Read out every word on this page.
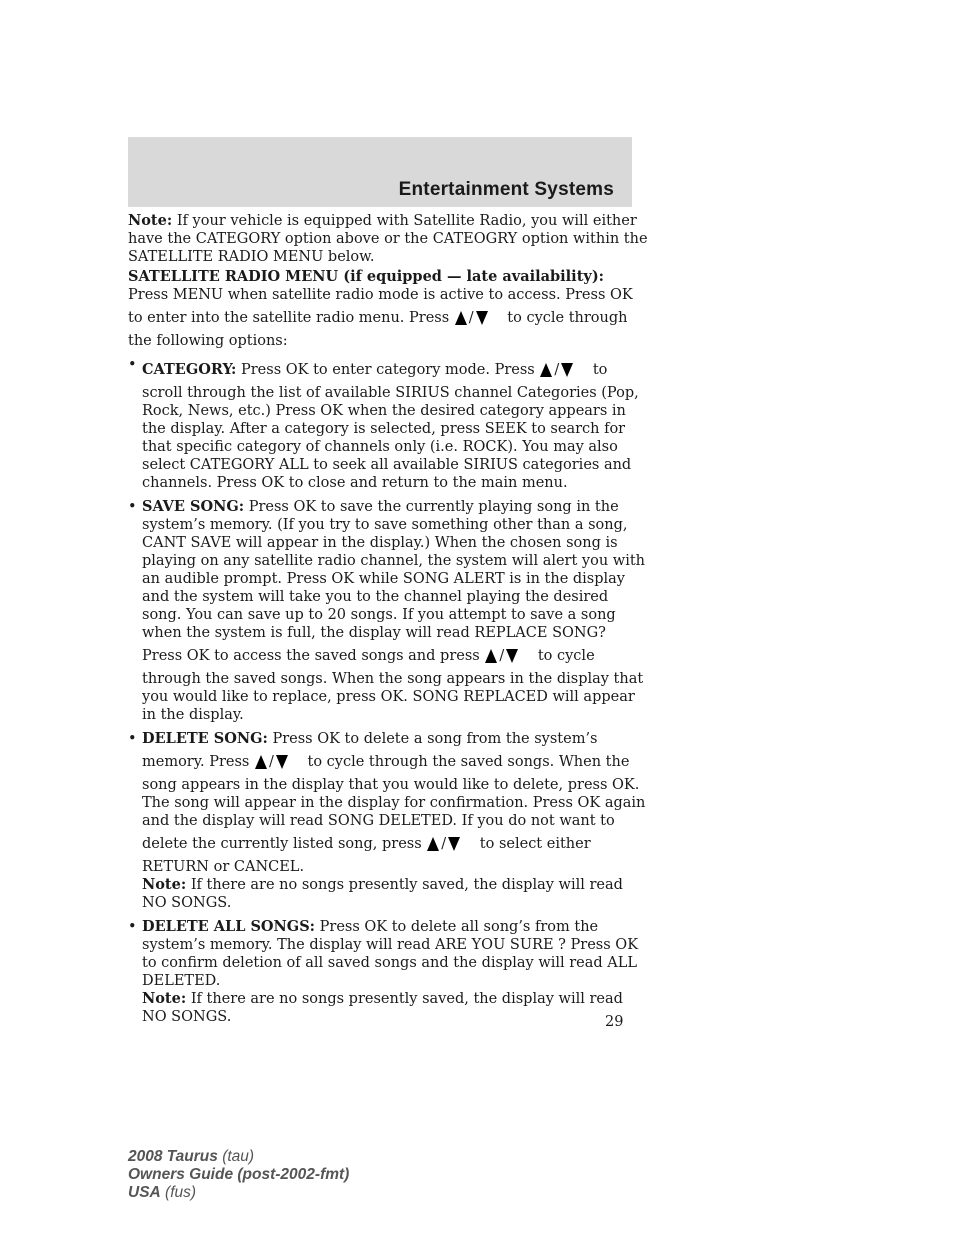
Entertainment Systems

Note: If your vehicle is equipped with Satellite Radio, you will either have the CATEGORY option above or the CATEOGRY option within the SATELLITE RADIO MENU below.

SATELLITE RADIO MENU (if equipped — late availability): Press MENU when satellite radio mode is active to access. Press OK to enter into the satellite radio menu. Press / to cycle through the following options:

• CATEGORY: Press OK to enter category mode. Press / to scroll through the list of available SIRIUS channel Categories (Pop, Rock, News, etc.) Press OK when the desired category appears in the display. After a category is selected, press SEEK to search for that specific category of channels only (i.e. ROCK). You may also select CATEGORY ALL to seek all available SIRIUS categories and channels. Press OK to close and return to the main menu.
• SAVE SONG: Press OK to save the currently playing song in the system’s memory. (If you try to save something other than a song, CANT SAVE will appear in the display.) When the chosen song is playing on any satellite radio channel, the system will alert you with an audible prompt. Press OK while SONG ALERT is in the display and the system will take you to the channel playing the desired song. You can save up to 20 songs. If you attempt to save a song when the system is full, the display will read REPLACE SONG? Press OK to access the saved songs and press / to cycle through the saved songs. When the song appears in the display that you would like to replace, press OK. SONG REPLACED will appear in the display.
• DELETE SONG: Press OK to delete a song from the system’s memory. Press / to cycle through the saved songs. When the song appears in the display that you would like to delete, press OK. The song will appear in the display for confirmation. Press OK again and the display will read SONG DELETED. If you do not want to delete the currently listed song, press / to select either RETURN or CANCEL.
Note: If there are no songs presently saved, the display will read NO SONGS.
• DELETE ALL SONGS: Press OK to delete all song’s from the system’s memory. The display will read ARE YOU SURE ? Press OK to confirm deletion of all saved songs and the display will read ALL DELETED.
Note: If there are no songs presently saved, the display will read NO SONGS.	29
2008 Taurus (tau)
Owners Guide (post-2002-fmt)
USA (fus)
